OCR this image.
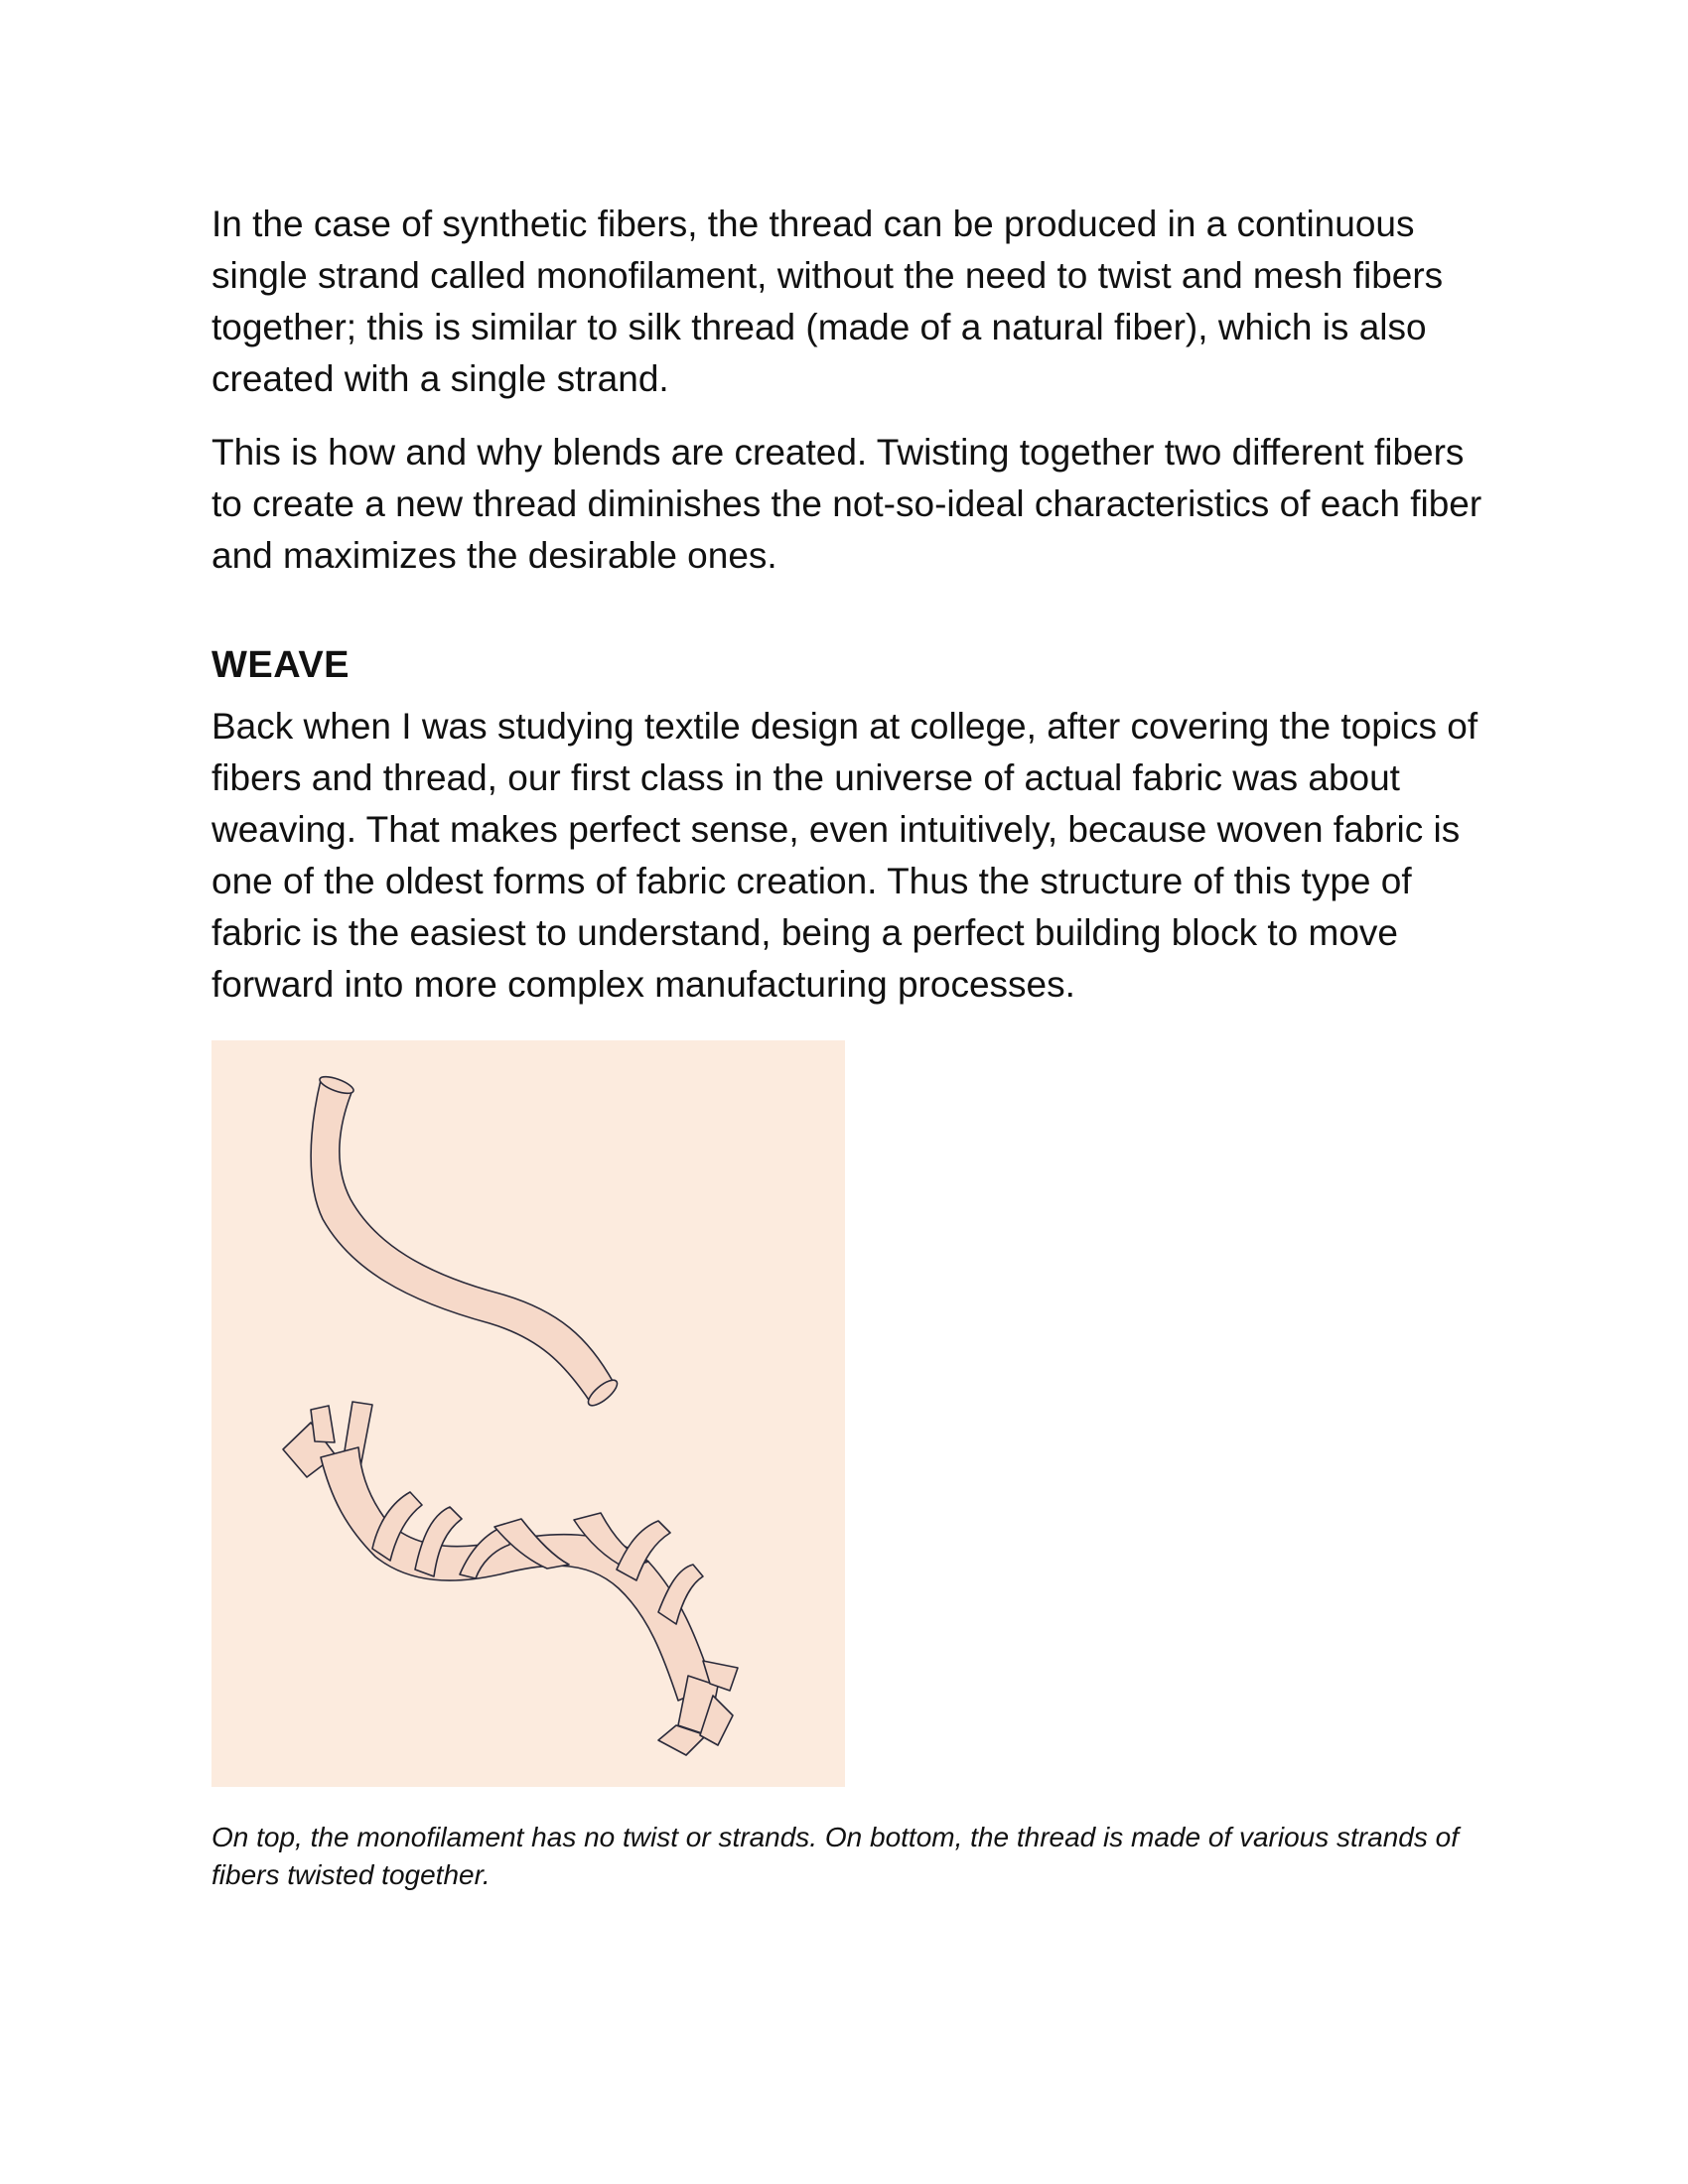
In the case of synthetic fibers, the thread can be produced in a continuous single strand called monofilament, without the need to twist and mesh fibers together; this is similar to silk thread (made of a natural fiber), which is also created with a single strand.

This is how and why blends are created. Twisting together two different fibers to create a new thread diminishes the not-so-ideal characteristics of each fiber and maximizes the desirable ones.

WEAVE

Back when I was studying textile design at college, after covering the topics of fibers and thread, our first class in the universe of actual fabric was about weaving. That makes perfect sense, even intuitively, because woven fabric is one of the oldest forms of fabric creation. Thus the structure of this type of fabric is the easiest to understand, being a perfect building block to move forward into more complex manufacturing processes.

On top, the monofilament has no twist or strands. On bottom, the thread is made of various strands of fibers twisted together.
